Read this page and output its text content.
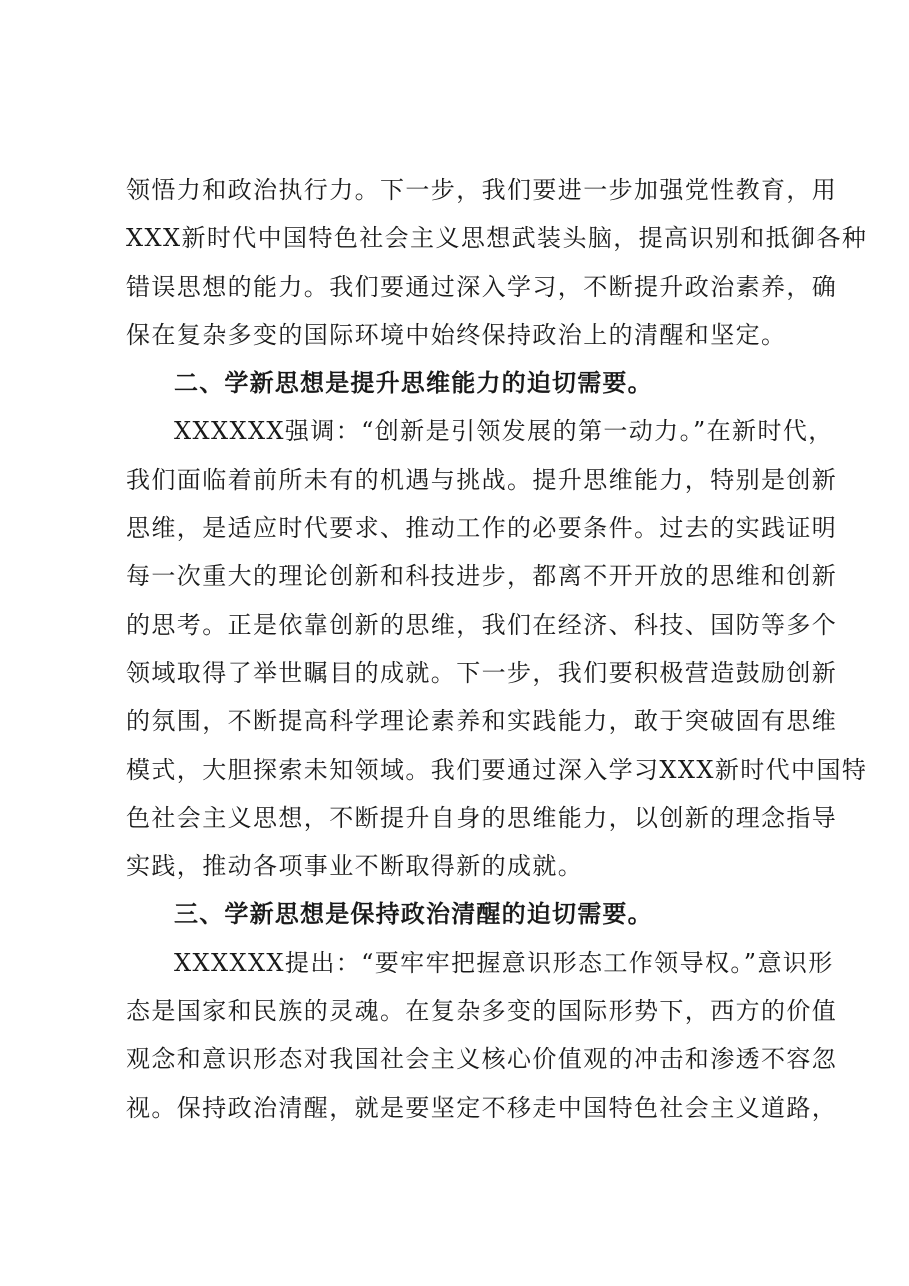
领悟力和政治执行力。下一步，我们要进一步加强党性教育，用
XXX新时代中国特色社会主义思想武装头脑，提高识别和抵御各种
错误思想的能力。我们要通过深入学习，不断提升政治素养，确
保在复杂多变的国际环境中始终保持政治上的清醒和坚定。
二、学新思想是提升思维能力的迫切需要。
XXXXXX强调：“创新是引领发展的第一动力。”在新时代，
我们面临着前所未有的机遇与挑战。提升思维能力，特别是创新
思维，是适应时代要求、推动工作的必要条件。过去的实践证明
每一次重大的理论创新和科技进步，都离不开开放的思维和创新
的思考。正是依靠创新的思维，我们在经济、科技、国防等多个
领域取得了举世瞩目的成就。下一步，我们要积极营造鼓励创新
的氛围，不断提高科学理论素养和实践能力，敢于突破固有思维
模式，大胆探索未知领域。我们要通过深入学习XXX新时代中国特
色社会主义思想，不断提升自身的思维能力，以创新的理念指导
实践，推动各项事业不断取得新的成就。
三、学新思想是保持政治清醒的迫切需要。
XXXXXX提出：“要牢牢把握意识形态工作领导权。”意识形
态是国家和民族的灵魂。在复杂多变的国际形势下，西方的价值
观念和意识形态对我国社会主义核心价值观的冲击和渗透不容忽
视。保持政治清醒，就是要坚定不移走中国特色社会主义道路，
